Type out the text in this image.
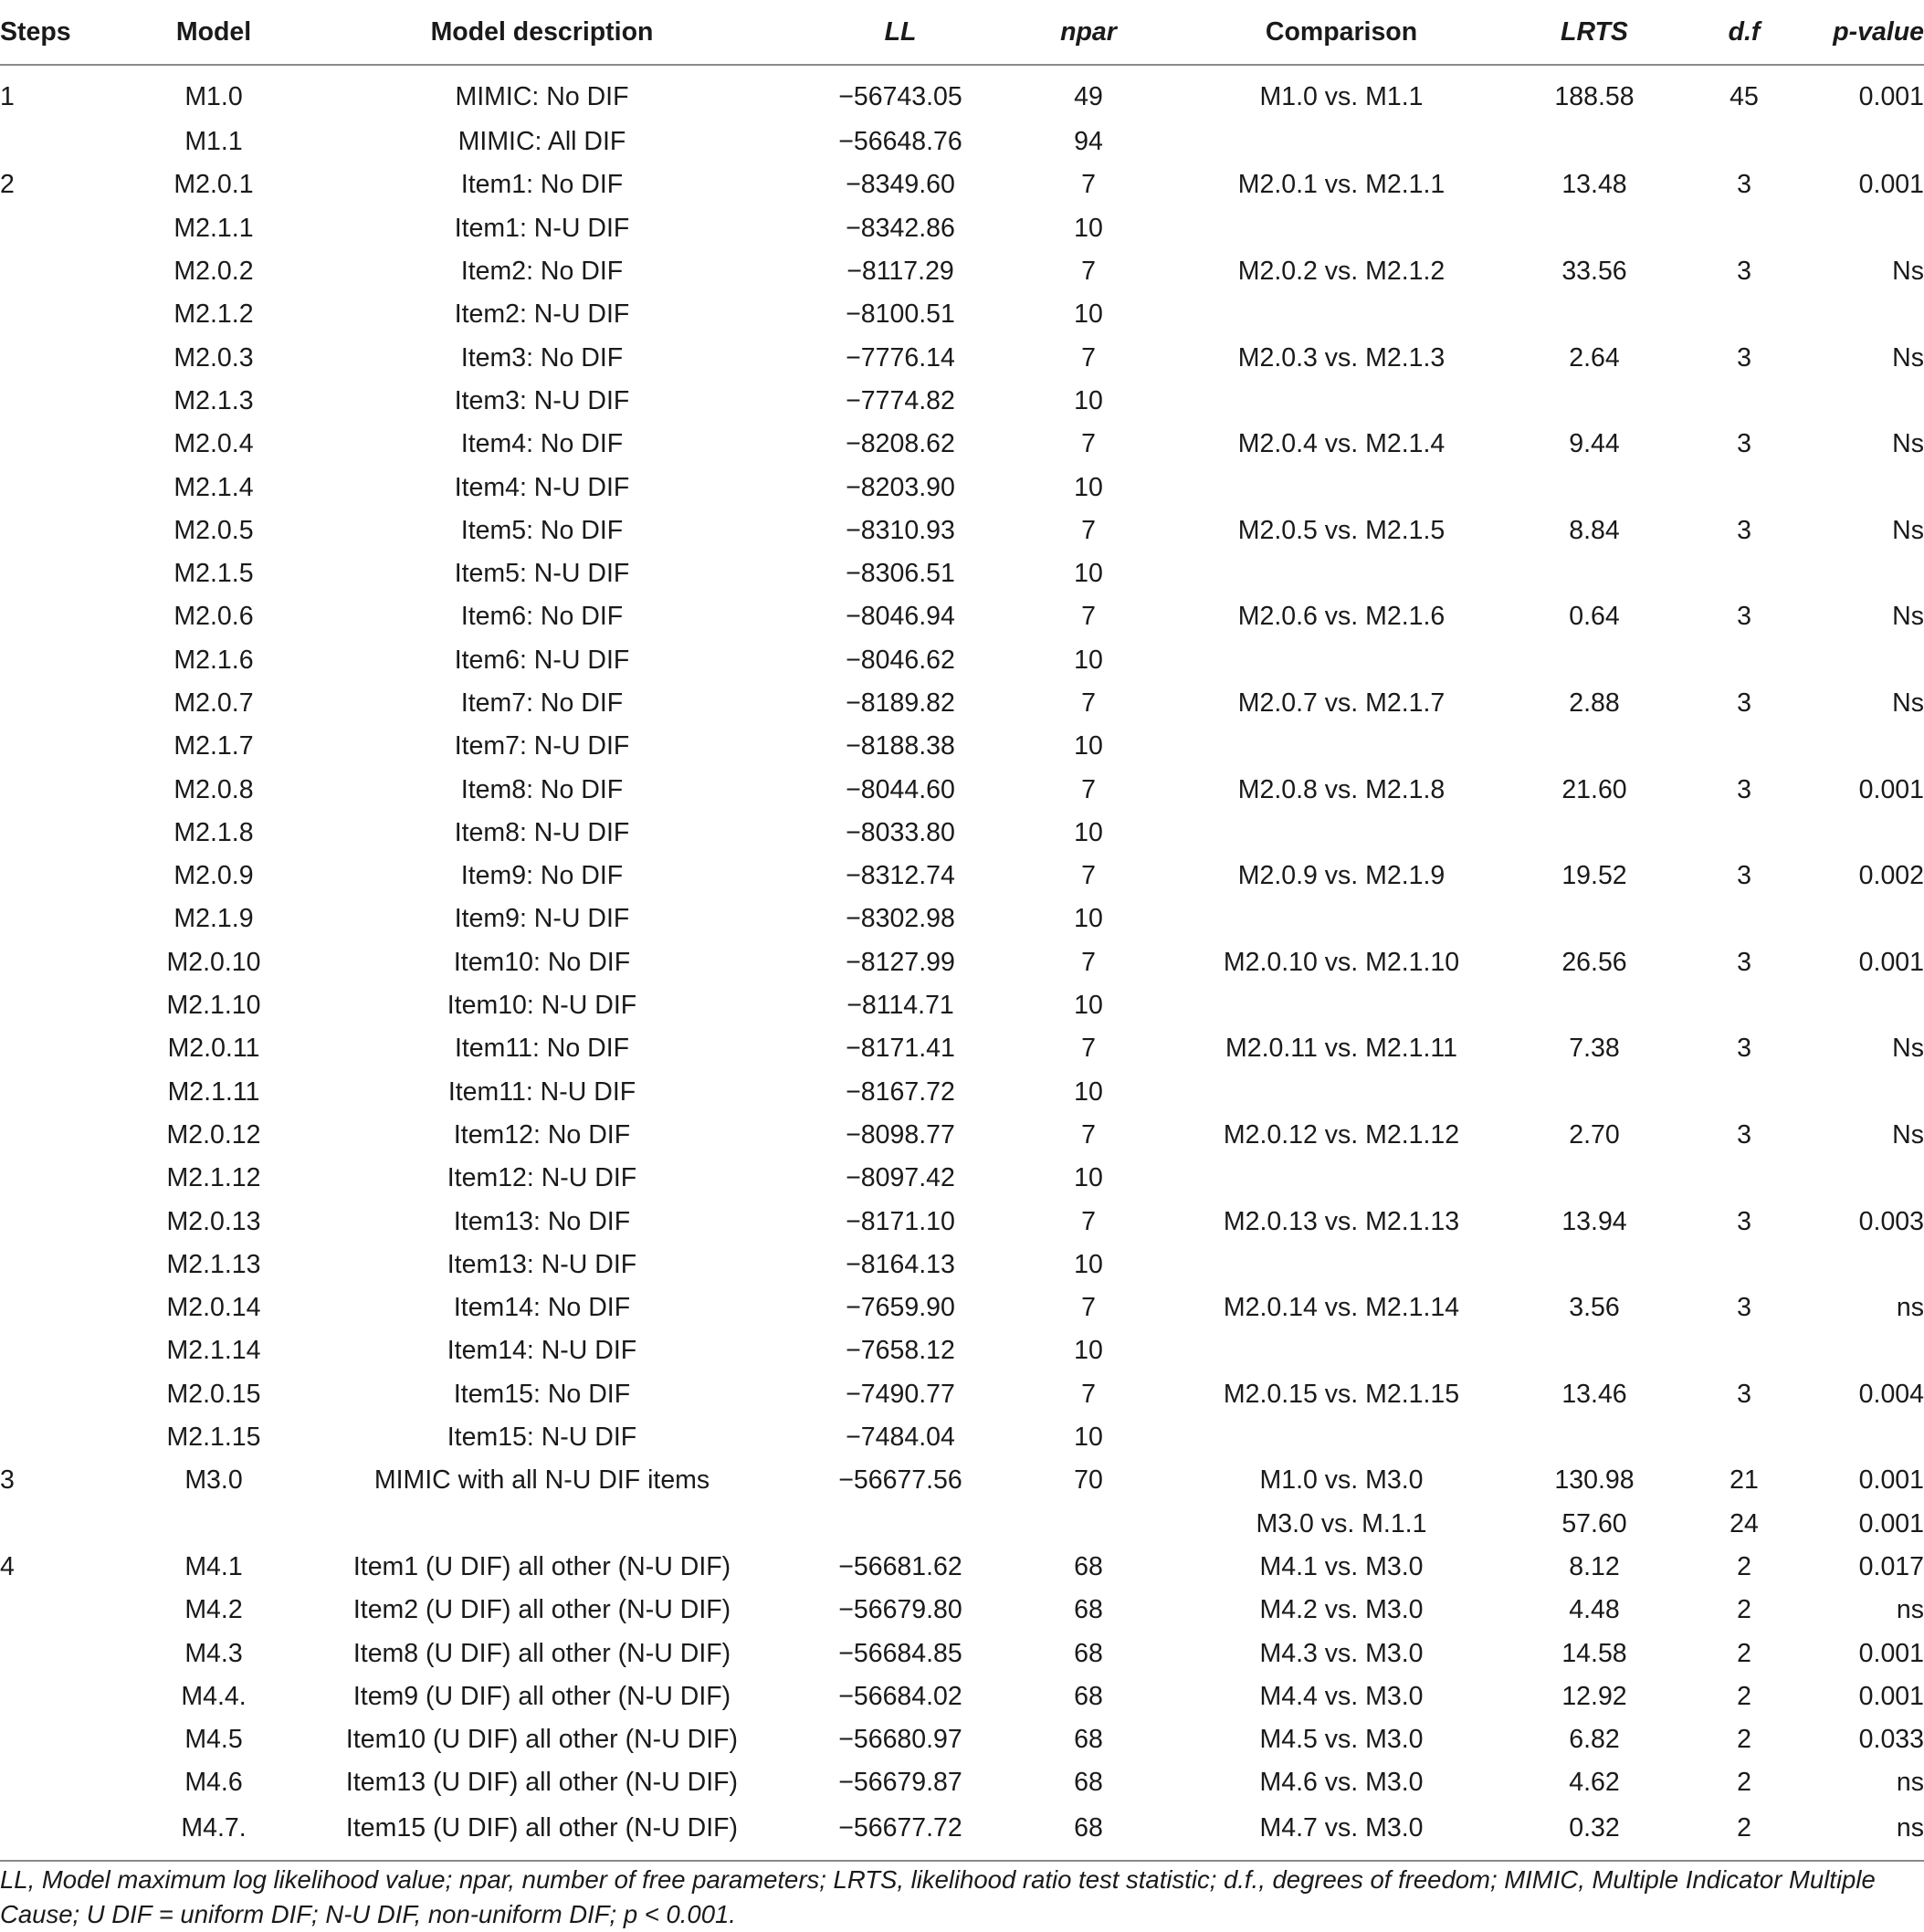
Steps	Model	Model description	LL	npar	Comparison	LRTS	d.f	p-value
1	M1.0	MIMIC: No DIF	−56743.05	49	M1.0 vs. M1.1	188.58	45	0.001
	M1.1	MIMIC: All DIF	−56648.76	94				
2	M2.0.1	Item1: No DIF	−8349.60	7	M2.0.1 vs. M2.1.1	13.48	3	0.001
	M2.1.1	Item1: N-U DIF	−8342.86	10				
	M2.0.2	Item2: No DIF	−8117.29	7	M2.0.2 vs. M2.1.2	33.56	3	Ns
	M2.1.2	Item2: N-U DIF	−8100.51	10				
	M2.0.3	Item3: No DIF	−7776.14	7	M2.0.3 vs. M2.1.3	2.64	3	Ns
	M2.1.3	Item3: N-U DIF	−7774.82	10				
	M2.0.4	Item4: No DIF	−8208.62	7	M2.0.4 vs. M2.1.4	9.44	3	Ns
	M2.1.4	Item4: N-U DIF	−8203.90	10				
	M2.0.5	Item5: No DIF	−8310.93	7	M2.0.5 vs. M2.1.5	8.84	3	Ns
	M2.1.5	Item5: N-U DIF	−8306.51	10				
	M2.0.6	Item6: No DIF	−8046.94	7	M2.0.6 vs. M2.1.6	0.64	3	Ns
	M2.1.6	Item6: N-U DIF	−8046.62	10				
	M2.0.7	Item7: No DIF	−8189.82	7	M2.0.7 vs. M2.1.7	2.88	3	Ns
	M2.1.7	Item7: N-U DIF	−8188.38	10				
	M2.0.8	Item8: No DIF	−8044.60	7	M2.0.8 vs. M2.1.8	21.60	3	0.001
	M2.1.8	Item8: N-U DIF	−8033.80	10				
	M2.0.9	Item9: No DIF	−8312.74	7	M2.0.9 vs. M2.1.9	19.52	3	0.002
	M2.1.9	Item9: N-U DIF	−8302.98	10				
	M2.0.10	Item10: No DIF	−8127.99	7	M2.0.10 vs. M2.1.10	26.56	3	0.001
	M2.1.10	Item10: N-U DIF	−8114.71	10				
	M2.0.11	Item11: No DIF	−8171.41	7	M2.0.11 vs. M2.1.11	7.38	3	Ns
	M2.1.11	Item11: N-U DIF	−8167.72	10				
	M2.0.12	Item12: No DIF	−8098.77	7	M2.0.12 vs. M2.1.12	2.70	3	Ns
	M2.1.12	Item12: N-U DIF	−8097.42	10				
	M2.0.13	Item13: No DIF	−8171.10	7	M2.0.13 vs. M2.1.13	13.94	3	0.003
	M2.1.13	Item13: N-U DIF	−8164.13	10				
	M2.0.14	Item14: No DIF	−7659.90	7	M2.0.14 vs. M2.1.14	3.56	3	ns
	M2.1.14	Item14: N-U DIF	−7658.12	10				
	M2.0.15	Item15: No DIF	−7490.77	7	M2.0.15 vs. M2.1.15	13.46	3	0.004
	M2.1.15	Item15: N-U DIF	−7484.04	10				
3	M3.0	MIMIC with all N-U DIF items	−56677.56	70	M1.0 vs. M3.0	130.98	21	0.001
					M3.0 vs. M.1.1	57.60	24	0.001
4	M4.1	Item1 (U DIF) all other (N-U DIF)	−56681.62	68	M4.1 vs. M3.0	8.12	2	0.017
	M4.2	Item2 (U DIF) all other (N-U DIF)	−56679.80	68	M4.2 vs. M3.0	4.48	2	ns
	M4.3	Item8 (U DIF) all other (N-U DIF)	−56684.85	68	M4.3 vs. M3.0	14.58	2	0.001
	M4.4.	Item9 (U DIF) all other (N-U DIF)	−56684.02	68	M4.4 vs. M3.0	12.92	2	0.001
	M4.5	Item10 (U DIF) all other (N-U DIF)	−56680.97	68	M4.5 vs. M3.0	6.82	2	0.033
	M4.6	Item13 (U DIF) all other (N-U DIF)	−56679.87	68	M4.6 vs. M3.0	4.62	2	ns
	M4.7.	Item15 (U DIF) all other (N-U DIF)	−56677.72	68	M4.7 vs. M3.0	0.32	2	ns
LL, Model maximum log likelihood value; npar, number of free parameters; LRTS, likelihood ratio test statistic; d.f., degrees of freedom; MIMIC, Multiple Indicator Multiple Cause; U DIF = uniform DIF; N-U DIF, non-uniform DIF; p < 0.001.
